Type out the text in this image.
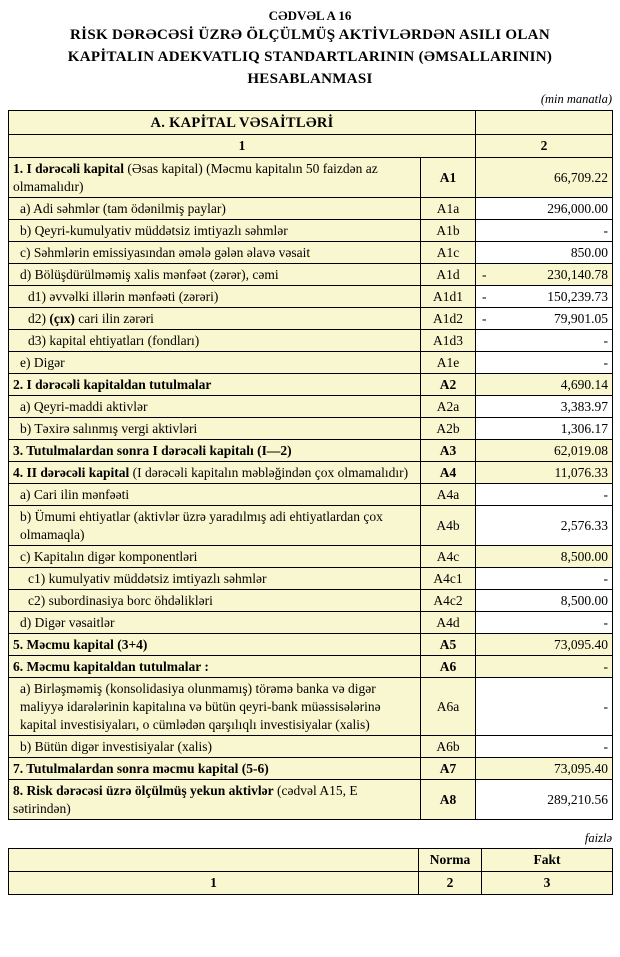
CƏDVƏL A 16
RİSK DƏRƏCƏSİ ÜZRƏ ÖLÇÜLMÜŞ AKTİVLƏRDƏN ASILI OLAN
KAPİTALIN ADEKVATLIQ STANDARTLARININ (ƏMSALLARININ)
HESABLANMASI
(min manatla)
A. KAPİTAL VƏSAİTLƏRİ		
1		2
1. I dərəcəli kapital (Əsas kapital) (Məcmu kapitalın 50 faizdən az olmamalıdır)	A1	66,709.22
a) Adi səhmlər (tam ödənilmiş paylar)	A1a	296,000.00
b) Qeyri-kumulyativ müddətsiz imtiyazlı səhmlər	A1b	-
c) Səhmlərin emissiyasından əmələ gələn əlavə vəsait	A1c	850.00
d) Bölüşdürülməmiş xalis mənfəət (zərər), cəmi	A1d	- 230,140.78

d1) əvvəlki illərin mənfəəti (zərəri)	A1d1	- 150,239.73

d2) (çıx) cari ilin zərəri	A1d2	- 79,901.05

d3) kapital ehtiyatları (fondları)	A1d3	-
e) Digər	A1e	-
2. I dərəcəli kapitaldan tutulmalar	A2	4,690.14
a) Qeyri-maddi aktivlər	A2a	3,383.97
b) Təxirə salınmış vergi aktivləri	A2b	1,306.17
3. Tutulmalardan sonra I dərəcəli kapitalı (I—2)	A3	62,019.08
4. II dərəcəli kapital (I dərəcəli kapitalın məbləğindən çox olmamalıdır)	A4	11,076.33
a) Cari ilin mənfəəti	A4a	-
b) Ümumi ehtiyatlar (aktivlər üzrə yaradılmış adi ehtiyatlardan çox olmamaqla)	A4b	2,576.33
c) Kapitalın digər komponentləri	A4c	8,500.00
c1) kumulyativ müddətsiz imtiyazlı səhmlər	A4c1	-
c2) subordinasiya borc öhdəlikləri	A4c2	8,500.00
d) Digər vəsaitlər	A4d	-
5. Məcmu kapital (3+4)	A5	73,095.40
6. Məcmu kapitaldan tutulmalar :	A6	-
a) Birləşməmiş (konsolidasiya olunmamış) törəmə banka və digər maliyyə idarələrinin kapitalına və bütün qeyri-bank müəssisələrinə kapital investisiyaları, o cümlədən qarşılıqlı investisiyalar (xalis)	A6a	-
b) Bütün digər investisiyalar (xalis)	A6b	-
7. Tutulmalardan sonra məcmu kapital (5-6)	A7	73,095.40
8. Risk dərəcəsi üzrə ölçülmüş yekun aktivlər (cədvəl A15, E sətirindən)	A8	289,210.56
faizlə
	Norma	Fakt
1	2	3
